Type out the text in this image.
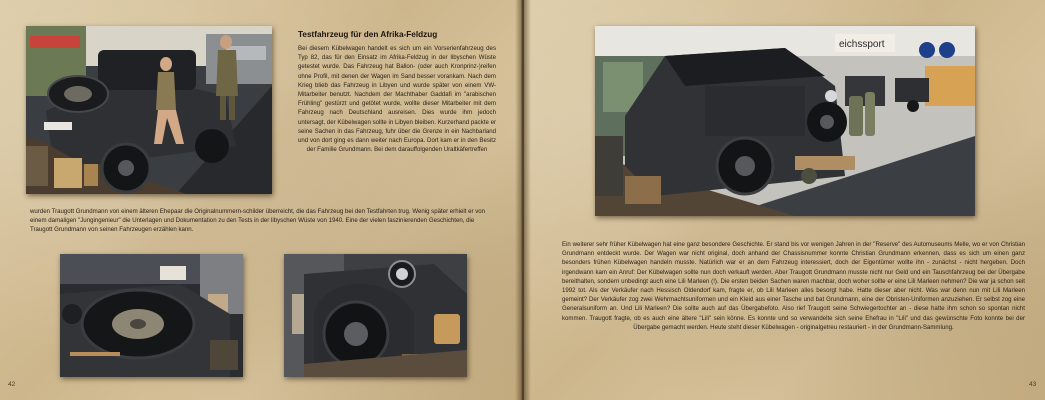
Testfahrzeug für den Afrika-Feldzug

Bei diesem Kübelwagen handelt es sich um ein Vorserienfahrzeug des Typ 82, das für den Einsatz im Afrika-Feldzug in der libyschen Wüste getestet wurde. Das Fahrzeug hat Ballon- (oder auch Kronprinz-)reifen ohne Profil, mit denen der Wagen im Sand besser vorankam. Nach dem Krieg blieb das Fahrzeug in Libyen und wurde später von einem VW-Mitarbeiter benutzt. Nachdem der Machthaber Gaddafi im "arabischen Frühling" gestürzt und getötet wurde, wollte dieser Mitarbeiter mit dem Fahrzeug nach Deutschland ausreisen. Dies wurde ihm jedoch untersagt, der Kübelwagen sollte in Libyen bleiben. Kurzerhand packte er seine Sachen in das Fahrzeug, fuhr über die Grenze in ein Nachbarland und von dort ging es dann weiter nach Europa. Dort kam er in den Besitz der Familie Grundmann. Bei dem darauffolgenden Uraltkäfertreffen

wurden Traugott Grundmann von einem älteren Ehepaar die Originalnummern-schilder überreicht, die das Fahrzeug bei den Testfahrten trug. Wenig später erhielt er von einem damaligen "Jungingenieur" die Unterlagen und Dokumentation zu den Tests in der libyschen Wüste von 1940. Eine der vielen faszinierenden Geschichten, die Traugott Grundmann von seinen Fahrzeugen erzählen kann.

42
eichssport

Ein weiterer sehr früher Kübelwagen hat eine ganz besondere Geschichte. Er stand bis vor wenigen Jahren in der "Reserve" des Automuseums Melle, wo er von Christian Grundmann entdeckt wurde. Der Wagen war nicht original, doch anhand der Chassisnummer konnte Christian Grundmann erkennen, dass es sich um einen ganz besonders frühen Kübelwagen handeln musste. Natürlich war er an dem Fahrzeug interessiert, doch der Eigentümer wollte ihn - zunächst - nicht hergeben. Doch irgendwann kam ein Anruf: Der Kübelwagen sollte nun doch verkauft werden. Aber Traugott Grundmann musste nicht nur Geld und ein Tauschfahrzeug bei der Übergabe bereithalten, sondern unbedingt auch eine Lili Marleen (!). Die ersten beiden Sachen waren machbar, doch woher sollte er eine Lili Marleen nehmen? Die war ja schon seit 1992 tot. Als der Verkäufer nach Hessisch Oldendorf kam, fragte er, ob Lili Marleen alles besorgt habe. Hatte dieser aber nicht. Was war denn nun mit Lili Marleen gemeint? Der Verkäufer zog zwei Wehrmachtsuniformen und ein Kleid aus einer Tasche und bat Grundmann, eine der Obristen-Uniformen anzuziehen. Er selbst zog eine Generalsuniform an. Und Lili Marleen? Die sollte auch auf das Übergabefoto. Also rief Traugott seine Schwiegertochter an - diese hatte ihm schon so spontan nicht kommen. Traugott fragte, ob es auch eine ältere "Lili" sein könne. Es konnte und so verwandelte sich seine Ehefrau in "Lili" und das gewünschte Foto konnte bei der Übergabe gemacht werden. Heute steht dieser Kübelwagen - originalgetreu restauriert - in der Grundmann-Sammlung.

43
